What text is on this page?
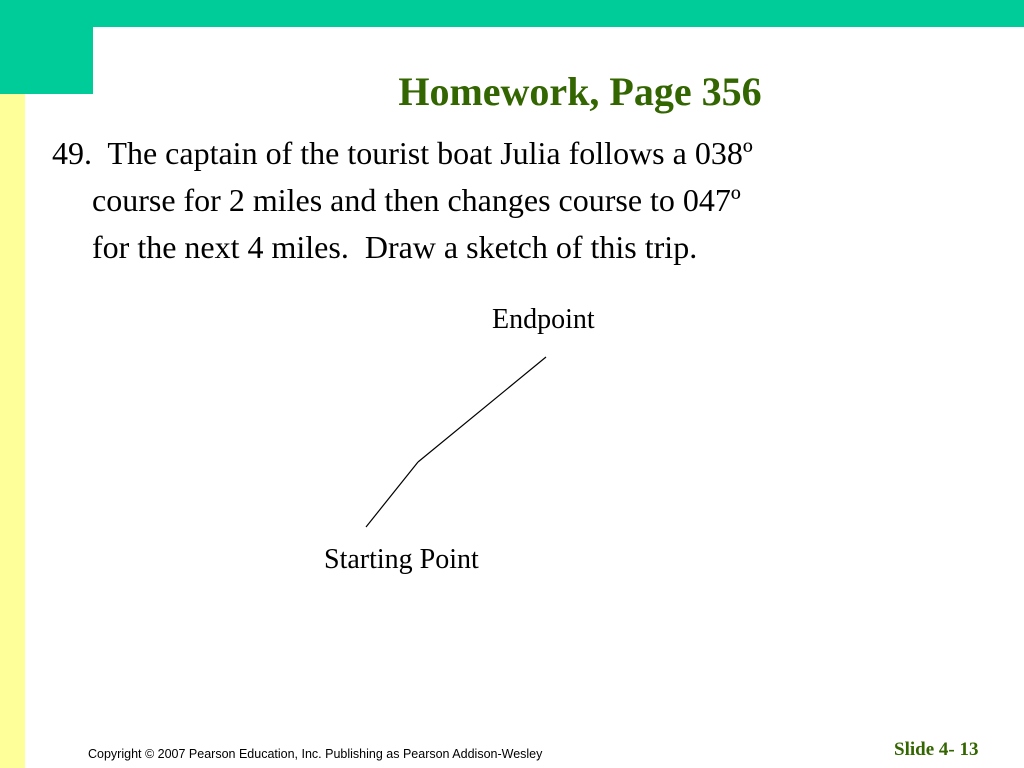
Homework, Page 356
49.  The captain of the tourist boat Julia follows a 038º
course for 2 miles and then changes course to 047º
for the next 4 miles.  Draw a sketch of this trip.
Endpoint
Starting Point
Copyright © 2007 Pearson Education, Inc. Publishing as Pearson Addison-Wesley	Slide 4- 13
